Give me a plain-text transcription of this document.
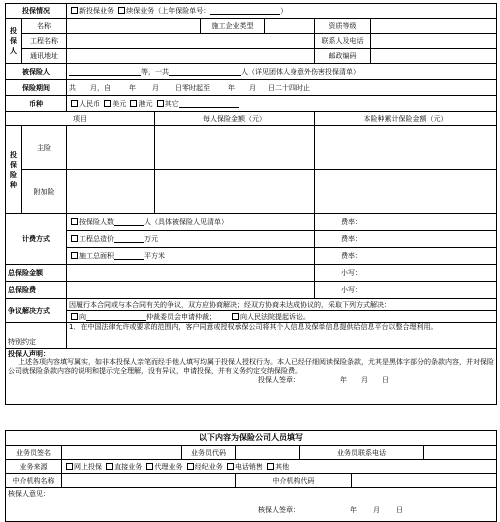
投保情况		新投保业务 续保业务（上年保险单号： ）					

投
保
人	名称			施工企业类型		资质等级	
	工程名称					联系人及电话	
	通讯地址					邮政编码	
被保险人		等，一共 人（详见团体人身意外伤害投保清单）					
保险期间		共 月，自 年 月 日零时起至 年 月 日二十四时止					
币种		人民币 美元 港元 其它					
项目			每人保险金额（元）			本险种累计保险金额（元）	

投
保
险
种	主险						
	附加险						
计费方式		按保险人数 人（具体被保险人见清单）				费率：	
		工程总造价 万元				费率：	
		施工总面积 平方米				费率：	
总保险金额						小写：	
总保险费						小写：	
争议解决方式		因履行本合同或与本合同有关的争议，双方应协商解决；经双方协商未达成协议的，采取下列方式解决：					
		向 仲裁委员会申请仲裁； 向人民法院提起诉讼。					
特别约定		1．在中国法律允许或要求的范围内，客户同意或授权承保公司将其个人信息及保单信息提供给信息平台以整合理利用。					

投保人声明：
上述各项内容填写属实，如非本投保人亲笔而经手他人填写均属于投保人授权行为。本人已经仔细阅读保险条款，尤其是黑体字部分的条款内容，并对保险公司就保险条款内容的说明和提示完全理解，没有异议，申请投保，并有义务约定交纳保险费。
投保人签章： 年 月 日							
以下内容为保险公司人员填写						
业务员签名		业务员代码		业务员联系电话		
业务来源	网上投保 直接业务 代理业务 经纪业务 电话销售 其他					
中介机构名称			中介机构代码			

核保人意见：
核保人签章： 年 月 日						
